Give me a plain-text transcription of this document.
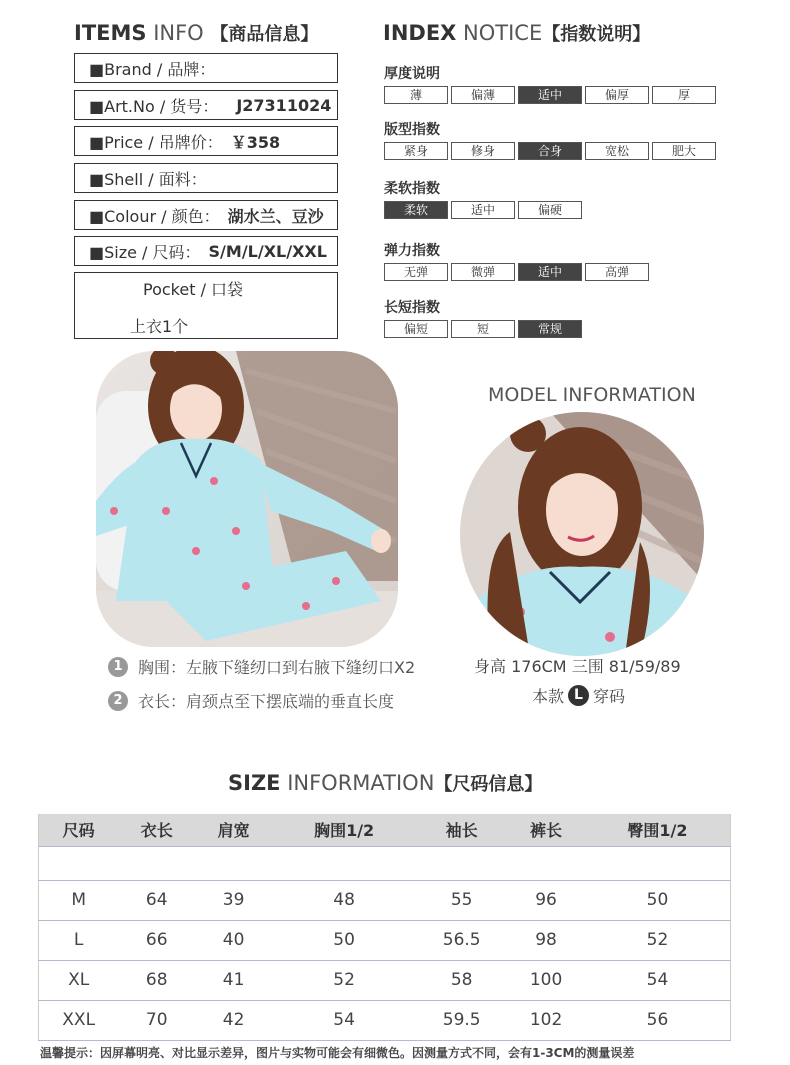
ITEMS INFO 【商品信息】
■Brand / 品牌：
■Art.No / 货号： J27311024
■Price / 吊牌价： ￥358
■Shell / 面料：
■Colour / 颜色： 湖水兰、豆沙
■Size / 尺码： S/M/L/XL/XXL
Pocket / 口袋
上衣1个
INDEX NOTICE【指数说明】
厚度说明
薄	偏薄	适中	偏厚	厚
版型指数
紧身	修身	合身	宽松	肥大
柔软指数
柔软	适中	偏硬
弹力指数
无弹	微弹	适中	高弹
长短指数
偏短	短	常规
MODEL INFORMATION
身高 176CM 三围 81/59/89
本款 L 穿码
1 胸围：左腋下缝纫口到右腋下缝纫口X2
2 衣长：肩颈点至下摆底端的垂直长度
SIZE INFORMATION【尺码信息】
尺码	衣长	肩宽	胸围1/2	袖长	裤长	臀围1/2

M	64	39	48	55	96	50
L	66	40	50	56.5	98	52
XL	68	41	52	58	100	54
XXL	70	42	54	59.5	102	56
温馨提示：因屏幕明亮、对比显示差异，图片与实物可能会有细微色。因测量方式不同，会有1-3CM的测量误差
